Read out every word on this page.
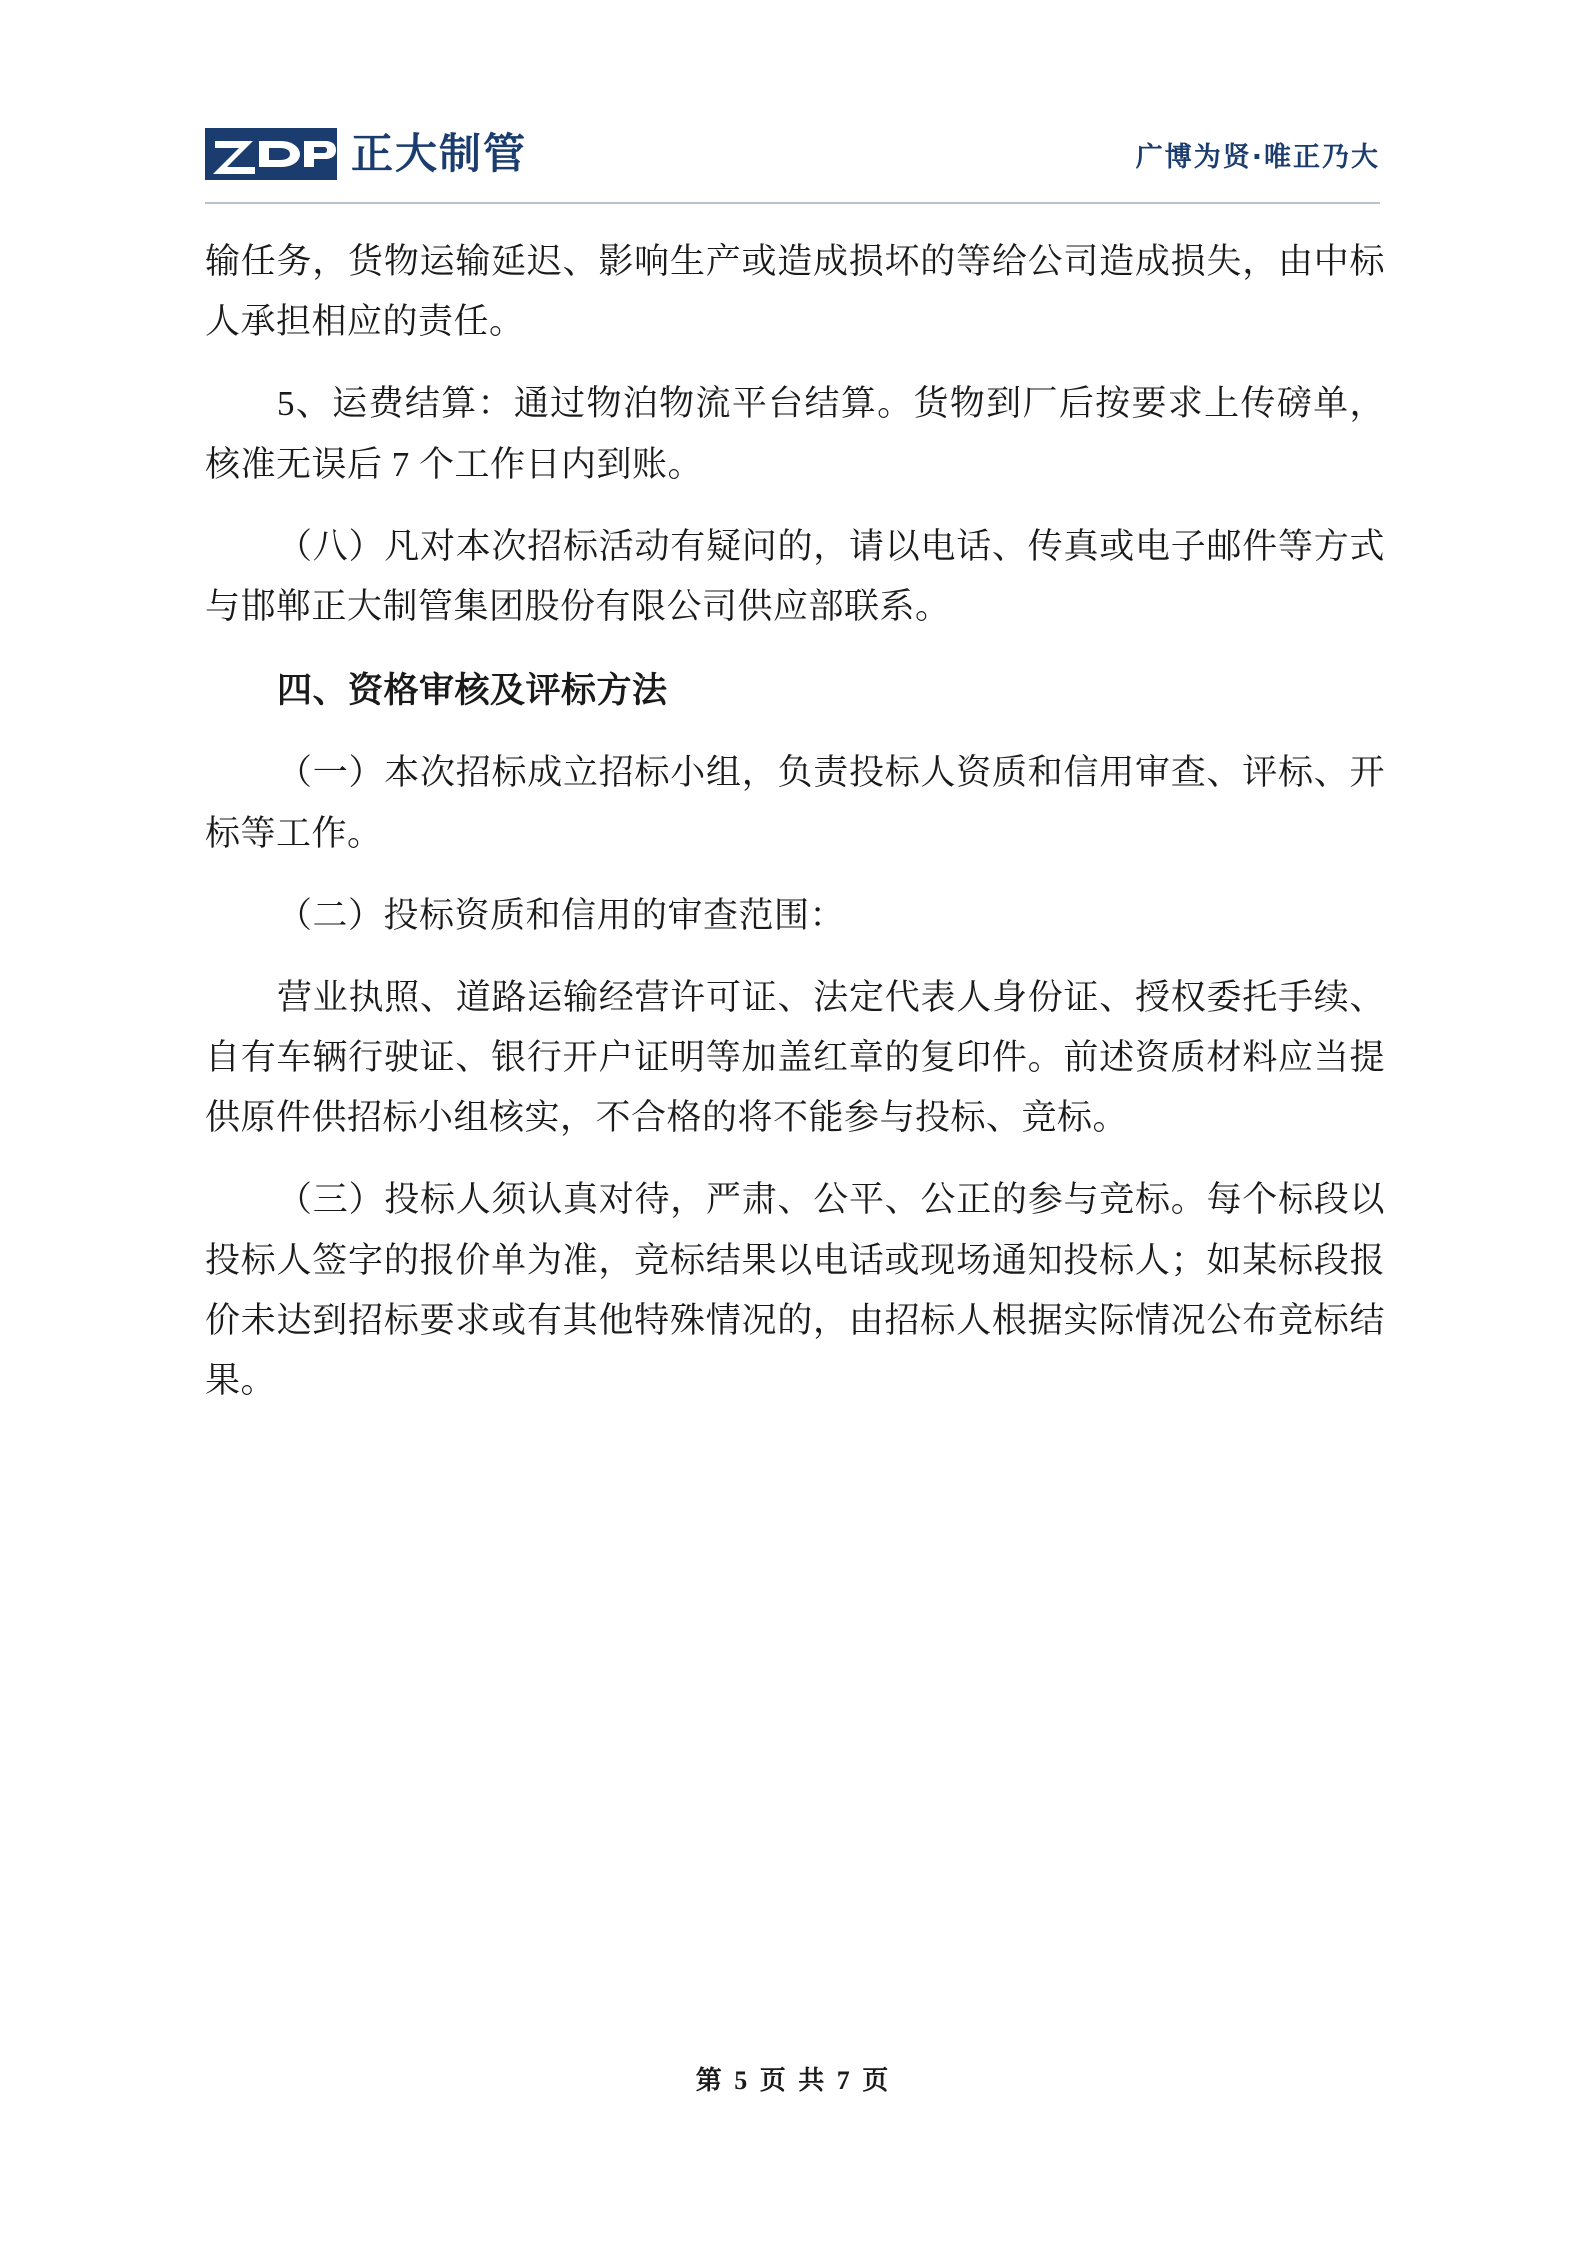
正大制管	广博为贤·唯正乃大

输任务，货物运输延迟、影响生产或造成损坏的等给公司造成损失，由中标人承担相应的责任。

5、运费结算：通过物泊物流平台结算。货物到厂后按要求上传磅单，核准无误后 7 个工作日内到账。

（八）凡对本次招标活动有疑问的，请以电话、传真或电子邮件等方式与邯郸正大制管集团股份有限公司供应部联系。

四、资格审核及评标方法

（一）本次招标成立招标小组，负责投标人资质和信用审查、评标、开标等工作。

（二）投标资质和信用的审查范围：

营业执照、道路运输经营许可证、法定代表人身份证、授权委托手续、自有车辆行驶证、银行开户证明等加盖红章的复印件。前述资质材料应当提供原件供招标小组核实，不合格的将不能参与投标、竞标。

（三）投标人须认真对待，严肃、公平、公正的参与竞标。每个标段以投标人签字的报价单为准，竞标结果以电话或现场通知投标人；如某标段报价未达到招标要求或有其他特殊情况的，由招标人根据实际情况公布竞标结果。

第 5 页 共 7 页
